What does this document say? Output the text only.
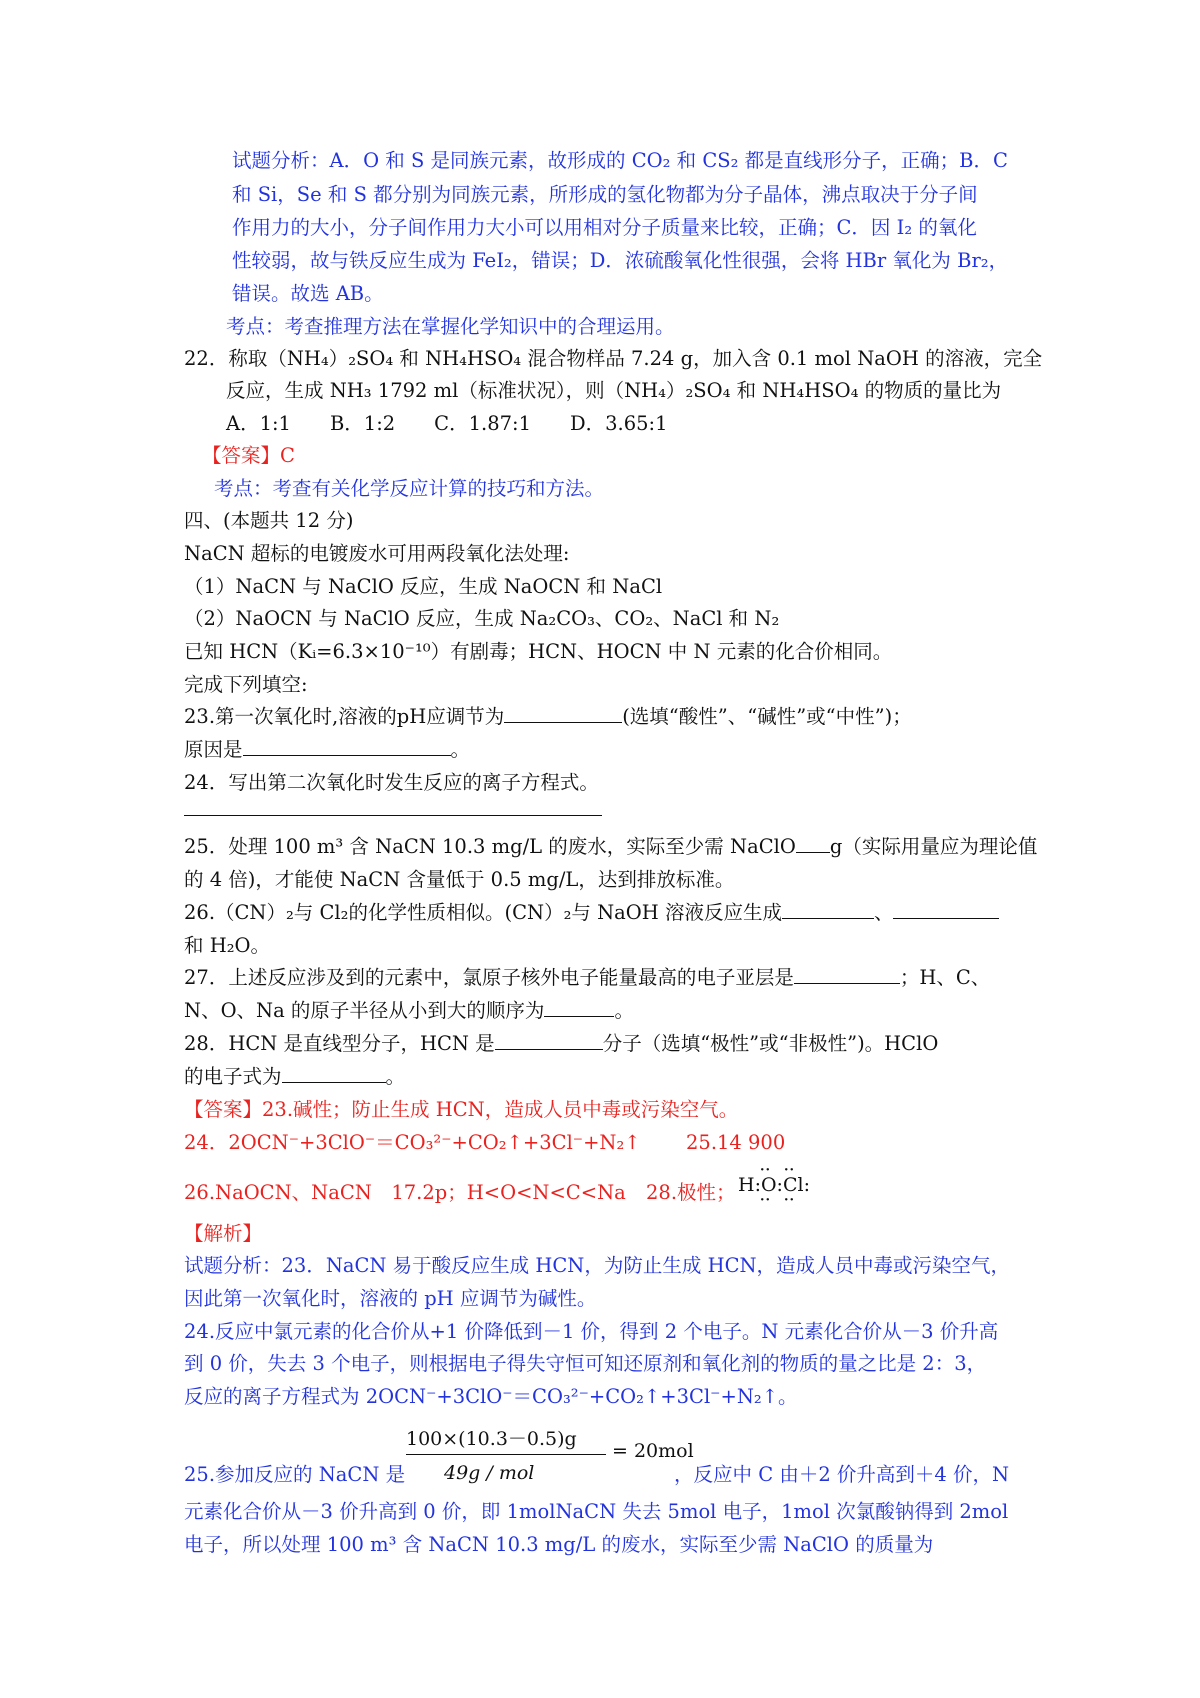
试题分析：A．O 和 S 是同族元素，故形成的 CO₂ 和 CS₂ 都是直线形分子，正确；B．C
和 Si，Se 和 S 都分别为同族元素，所形成的氢化物都为分子晶体，沸点取决于分子间
作用力的大小，分子间作用力大小可以用相对分子质量来比较，正确；C．因 I₂ 的氧化
性较弱，故与铁反应生成为 FeI₂，错误；D．浓硫酸氧化性很强，会将 HBr 氧化为 Br₂，
错误。故选 AB。
考点：考查推理方法在掌握化学知识中的合理运用。
22．称取（NH₄）₂SO₄ 和 NH₄HSO₄ 混合物样品 7.24 g，加入含 0.1 mol NaOH 的溶液，完全
反应，生成 NH₃ 1792 ml（标准状况），则（NH₄）₂SO₄ 和 NH₄HSO₄ 的物质的量比为
A．1:1　　B．1:2　　C．1.87:1　　D．3.65:1
【答案】C
考点：考查有关化学反应计算的技巧和方法。
四、(本题共 12 分)
NaCN 超标的电镀废水可用两段氧化法处理:
（1）NaCN 与 NaClO 反应，生成 NaOCN 和 NaCl
（2）NaOCN 与 NaClO 反应，生成 Na₂CO₃、CO₂、NaCl 和 N₂
已知 HCN（Kᵢ=6.3×10⁻¹⁰）有剧毒；HCN、HOCN 中 N 元素的化合价相同。
完成下列填空:
23.第一次氧化时,溶液的pH应调节为	(选填“酸性”、“碱性”或“中性”)；
原因是	。
24．写出第二次氧化时发生反应的离子方程式。
25．处理 100 m³ 含 NaCN 10.3 mg/L 的废水，实际至少需 NaClO g（实际用量应为理论值
的 4 倍)，才能使 NaCN 含量低于 0.5 mg/L，达到排放标准。
26.（CN）₂与 Cl₂的化学性质相似。(CN）₂与 NaOH 溶液反应生成	、
和 H₂O。
27．上述反应涉及到的元素中，氯原子核外电子能量最高的电子亚层是	；H、C、
N、O、Na 的原子半径从小到大的顺序为	。
28．HCN 是直线型分子，HCN 是	分子（选填“极性”或“非极性”)。HClO
的电子式为	。
【答案】23.碱性；防止生成 HCN，造成人员中毒或污染空气。
24．2OCN⁻+3ClO⁻＝CO₃²⁻+CO₂↑+3Cl⁻+N₂↑ 25.14 900
26.NaOCN、NaCN　17.2p；H<O<N<C<Na 28.极性； H:O:Cl:
·· ··
·· ··
【解析】
试题分析：23．NaCN 易于酸反应生成 HCN，为防止生成 HCN，造成人员中毒或污染空气，
因此第一次氧化时，溶液的 pH 应调节为碱性。
24.反应中氯元素的化合价从+1 价降低到－1 价，得到 2 个电子。N 元素化合价从－3 价升高
到 0 价，失去 3 个电子，则根据电子得失守恒可知还原剂和氧化剂的物质的量之比是 2：3，
反应的离子方程式为 2OCN⁻+3ClO⁻＝CO₃²⁻+CO₂↑+3Cl⁻+N₂↑。
100×(10.3－0.5)g
49g / mol
= 20mol
25.参加反应的 NaCN 是	，反应中 C 由＋2 价升高到＋4 价，N
元素化合价从－3 价升高到 0 价，即 1molNaCN 失去 5mol 电子，1mol 次氯酸钠得到 2mol
电子，所以处理 100 m³ 含 NaCN 10.3 mg/L 的废水，实际至少需 NaClO 的质量为
